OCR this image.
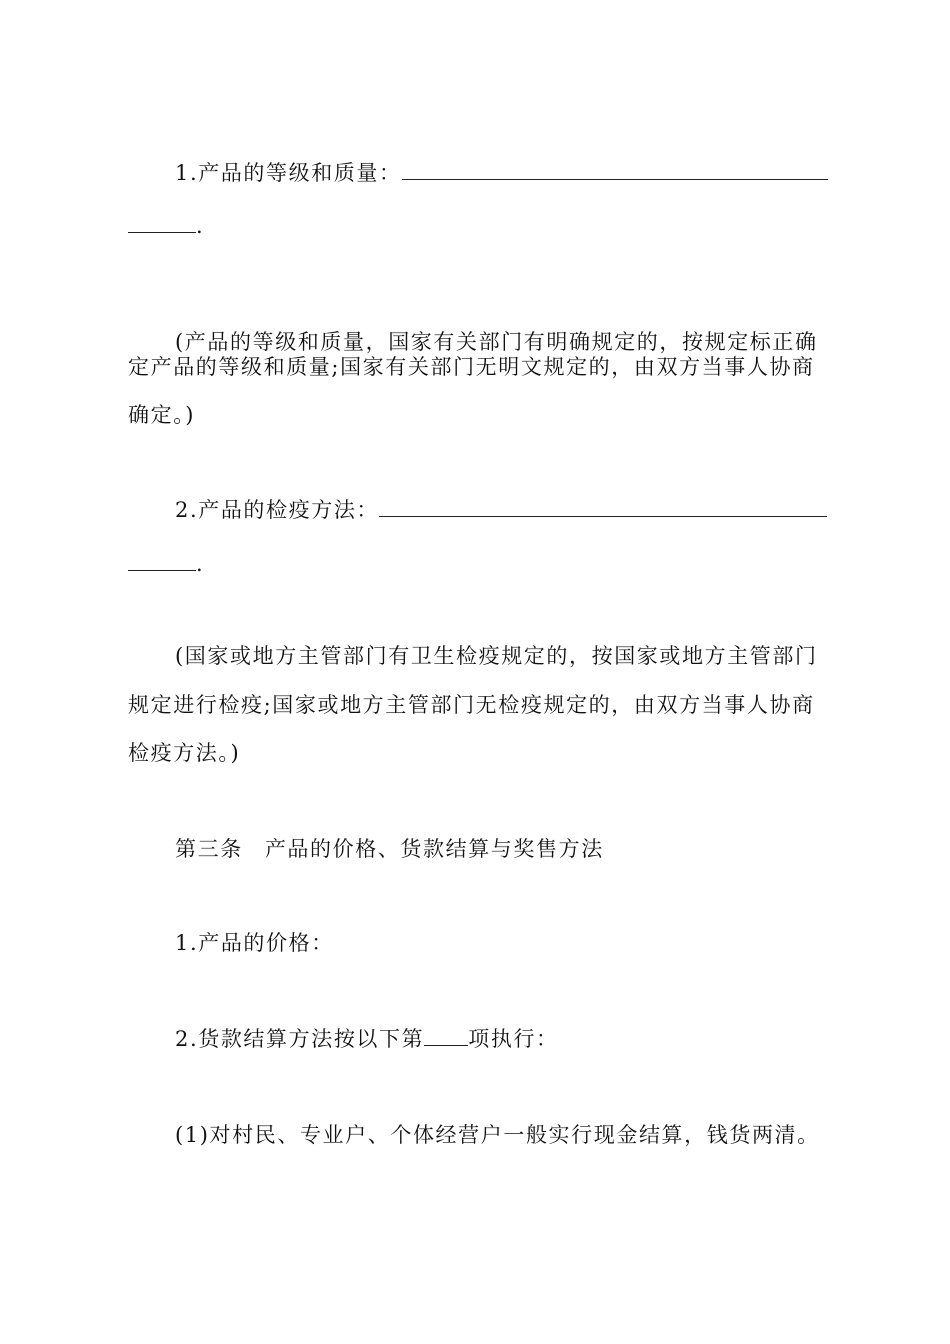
1.产品的等级和质量：
.
(产品的等级和质量，国家有关部门有明确规定的，按规定标正确
定产品的等级和质量;国家有关部门无明文规定的，由双方当事人协商
确定。)
2.产品的检疫方法：
.
(国家或地方主管部门有卫生检疫规定的，按国家或地方主管部门
规定进行检疫;国家或地方主管部门无检疫规定的，由双方当事人协商
检疫方法。)
第三条 产品的价格、货款结算与奖售方法
1.产品的价格：
2.货款结算方法按以下第 项执行：
(1)对村民、专业户、个体经营户一般实行现金结算，钱货两清。
